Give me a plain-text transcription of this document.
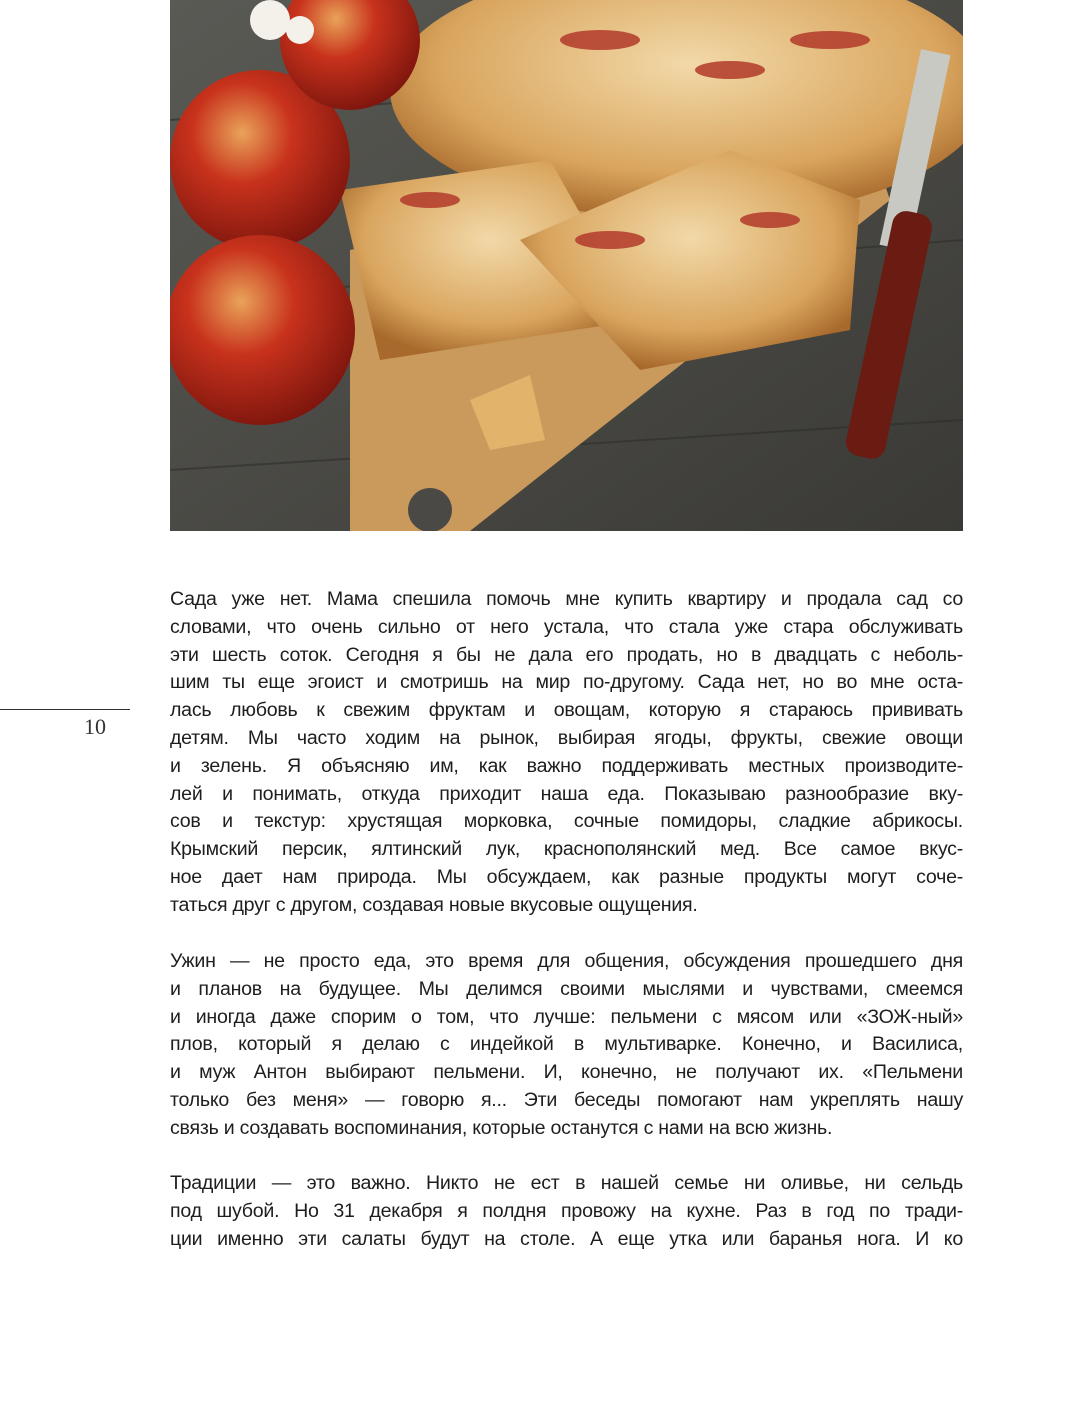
10
Сада уже нет. Мама спешила помочь мне купить квартиру и продала сад со
словами, что очень сильно от него устала, что стала уже стара обслуживать
эти шесть соток. Сегодня я бы не дала его продать, но в двадцать с неболь-
шим ты еще эгоист и смотришь на мир по-другому. Сада нет, но во мне оста-
лась любовь к свежим фруктам и овощам, которую я стараюсь прививать
детям. Мы часто ходим на рынок, выбирая ягоды, фрукты, свежие овощи
и зелень. Я объясняю им, как важно поддерживать местных производите-
лей и понимать, откуда приходит наша еда. Показываю разнообразие вку-
сов и текстур: хрустящая морковка, сочные помидоры, сладкие абрикосы.
Крымский персик, ялтинский лук, краснополянский мед. Все самое вкус-
ное дает нам природа. Мы обсуждаем, как разные продукты могут соче-
таться друг с другом, создавая новые вкусовые ощущения.
Ужин — не просто еда, это время для общения, обсуждения прошедшего дня
и планов на будущее. Мы делимся своими мыслями и чувствами, смеемся
и иногда даже спорим о том, что лучше: пельмени с мясом или «ЗОЖ-ный»
плов, который я делаю с индейкой в мультиварке. Конечно, и Василиса,
и муж Антон выбирают пельмени. И, конечно, не получают их. «Пельмени
только без меня» — говорю я... Эти беседы помогают нам укреплять нашу
связь и создавать воспоминания, которые останутся с нами на всю жизнь.
Традиции — это важно. Никто не ест в нашей семье ни оливье, ни сельдь
под шубой. Но 31 декабря я полдня провожу на кухне. Раз в год по тради-
ции именно эти салаты будут на столе. А еще утка или баранья нога. И ко
